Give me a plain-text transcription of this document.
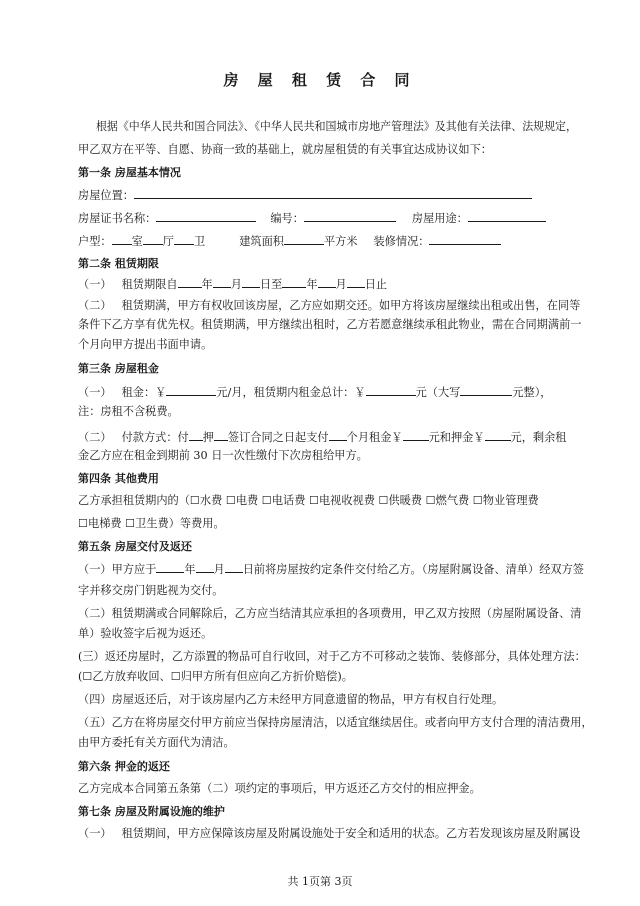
房 屋 租 赁 合 同
根据《中华人民共和国合同法》、《中华人民共和国城市房地产管理法》及其他有关法律、法规规定，
甲乙双方在平等、自愿、协商一致的基础上，就房屋租赁的有关事宜达成协议如下：
第一条 房屋基本情况
房屋位置：
房屋证书名称：	编号：	房屋用途：
户型： 室 厅 卫	建筑面积	平方米 装修情况：
第二条 租赁期限
（一） 租赁期限自 年 月 日至 年 月 日止
（二） 租赁期满，甲方有权收回该房屋，乙方应如期交还。如甲方将该房屋继续出租或出售，在同等
条件下乙方享有优先权。租赁期满，甲方继续出租时，乙方若愿意继续承租此物业，需在合同期满前一
个月向甲方提出书面申请。
第三条 房屋租金
（一） 租金：￥	元/月，租赁期内租金总计：￥	元（大写	元整），
注：房租不含税费。
（二） 付款方式：付 押 签订合同之日起支付 个月租金￥ 元和押金￥ 元，剩余租
金乙方应在租金到期前 30 日一次性缴付下次房租给甲方。
第四条 其他费用
乙方承担租赁期内的（☐水费 ☐电费 ☐电话费 ☐电视收视费 ☐供暖费 ☐燃气费 ☐物业管理费
☐电梯费 ☐卫生费）等费用。
第五条 房屋交付及返还
（一）甲方应于	年 月 日前将房屋按约定条件交付给乙方。（房屋附属设备、清单）经双方签
字并移交房门钥匙视为交付。
（二）租赁期满或合同解除后，乙方应当结清其应承担的各项费用，甲乙双方按照（房屋附属设备、清
单）验收签字后视为返还。
(三）返还房屋时，乙方添置的物品可自行收回，对于乙方不可移动之装饰、装修部分，具体处理方法：
(☐乙方放弃收回、☐归甲方所有但应向乙方折价赔偿)。
（四）房屋返还后，对于该房屋内乙方未经甲方同意遗留的物品，甲方有权自行处理。
（五）乙方在将房屋交付甲方前应当保持房屋清洁，以适宜继续居住。或者向甲方支付合理的清洁费用，
由甲方委托有关方面代为清洁。
第六条 押金的返还
乙方完成本合同第五条第（二）项约定的事项后，甲方返还乙方交付的相应押金。
第七条 房屋及附属设施的维护
（一） 租赁期间，甲方应保障该房屋及附属设施处于安全和适用的状态。乙方若发现该房屋及附属设
共 1页第 3页
